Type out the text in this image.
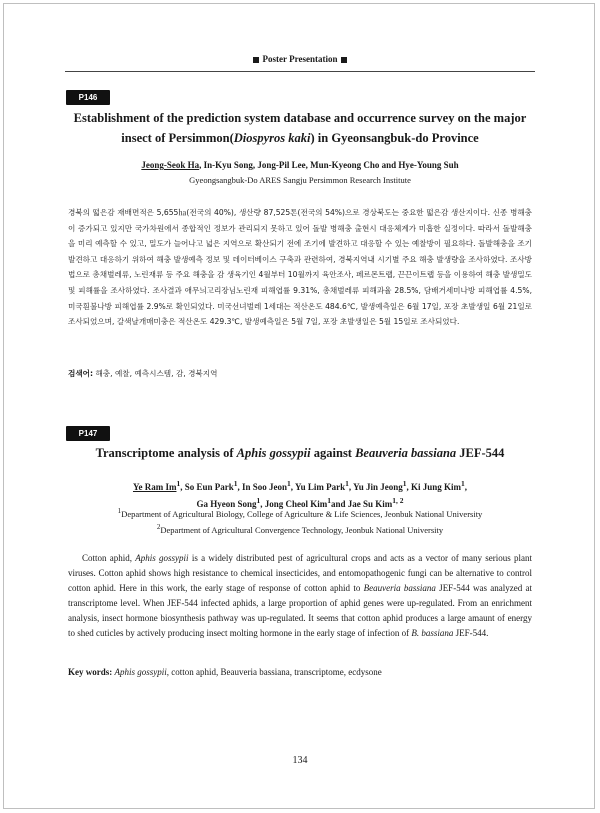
Poster Presentation
P146
Establishment of the prediction system database and occurrence survey on the major
insect of Persimmon(Diospyros kaki) in Gyeonsangbuk-do Province
Jeong-Seok Ha, In-Kyu Song, Jong-Pil Lee, Mun-Kyeong Cho and Hye-Young Suh
Gyeongsangbuk-Do ARES Sangju Persimmon Research Institute
경북의 떫은감 재배면적은 5,655㏊(전국의 40%), 생산량 87,525톤(전국의 54%)으로 경상북도는 중요한 떫은감 생산지이다. 신종 병해충이 증가되고 있지만 국가차원에서 종합적인 정보가 관리되지 못하고 있어 돌발 병해충 출현시 대응체계가 미흡한 실정이다. 따라서 돌발해충을 미리 예측할 수 있고, 밀도가 늘어나고 넓은 지역으로 확산되기 전에 조기에 발견하고 대응할 수 있는 예찰방이 필요하다. 돌발해충을 조기 발견하고 대응하기 위하여 해충 발생예측 정보 및 데이터베이스 구축과 관련하여, 경북지역내 시기별 주요 해충 발생량을 조사하였다. 조사방법으로 총채벌레류, 노린재류 등 주요 해충을 감 생육기인 4월부터 10월까지 육안조사, 페르몬트랩, 끈끈이트랩 등을 이용하여 해충 발생밀도 및 피해률을 조사하였다. 조사결과 애무늬고리장님노린재 피해엽률 9.31%, 총채벌레류 피해과율 28.5%, 담배거세미나방 피해엽률 4.5%, 미국흰불나방 피해엽률 2.9%로 확인되었다. 미국선녀벌레 1세대는 적산온도 484.6℃, 발생예측일은 6월 17일, 포장 초발생일 6월 21일로 조사되었으며, 갈색날개매미충은 적산온도 429.3℃, 발생예측일은 5월 7일, 포장 초발생일은 5월 15일로 조사되었다.
검색어: 해충, 예찰, 예측시스템, 감, 경북지역
P147
Transcriptome analysis of Aphis gossypii against Beauveria bassiana JEF-544
Ye Ram Im$^1$, So Eun Park$^1$, In Soo Jeon$^1$, Yu Lim Park$^1$, Yu Jin Jeong$^1$, Ki Jung Kim$^1$,
Ga Hyeon Song$^1$, Jong Cheol Kim$^1$and Jae Su Kim$^{1, 2}$
$^1$Department of Agricultural Biology, College of Agriculture & Life Sciences, Jeonbuk National University
$^2$Department of Agricultural Convergence Technology, Jeonbuk National University
Cotton aphid, Aphis gossypii is a widely distributed pest of agricultural crops and acts as a vector of many serious plant viruses. Cotton aphid shows high resistance to chemical insecticides, and entomopathogenic fungi can be alternative to control cotton aphid. Here in this work, the early stage of response of cotton aphid to Beauveria bassiana JEF-544 was analyzed at transcriptome level. When JEF-544 infected aphids, a large proportion of aphid genes were up-regulated. From an enrichment analysis, insect hormone biosynthesis pathway was up-regulated. It seems that cotton aphid produces a large amaunt of energy to shed cuticles by actively producing insect molting hormone in the early stage of infection of B. bassiana JEF-544.
Key words: Aphis gossypii, cotton aphid, Beauveria bassiana, transcriptome, ecdysone
134
